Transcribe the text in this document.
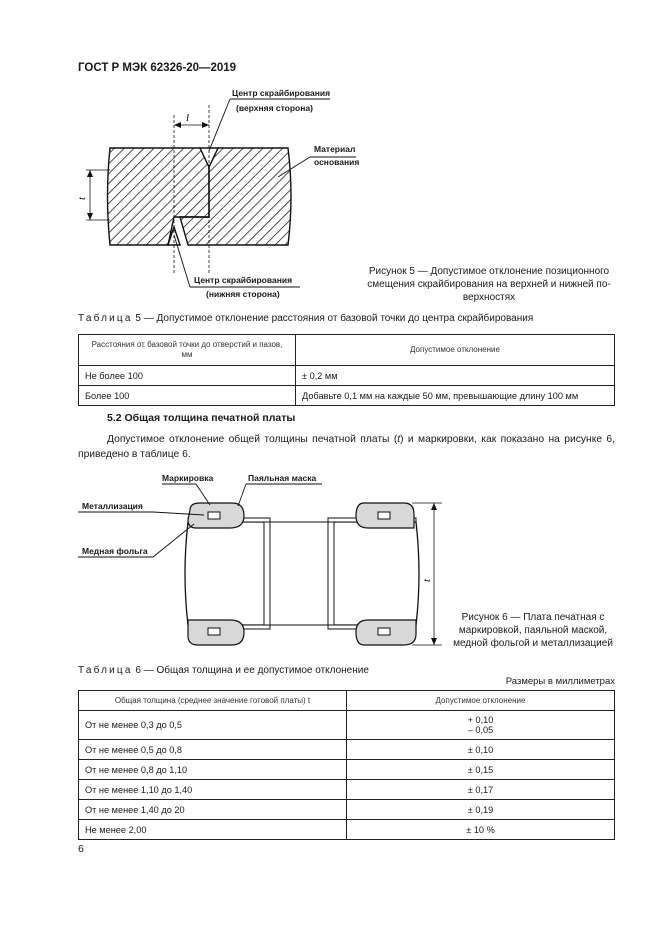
ГОСТ Р МЭК 62326-20—2019
Центр скрайбирования
(верхняя сторона)
Материал
основания
Центр скрайбирования
(нижняя сторона)
l
t
Рисунок 5 — Допустимое отклонение позиционного
смещения скрайбирования на верхней и нижней по-
верхностях
Таблица 5 — Допустимое отклонение расстояния от базовой точки до центра скрайбирования
Расстояния от базовой точки до отверстий и пазов, мм	Допустимое отклонение
Не более 100	± 0,2 мм
Более 100	Добавьте 0,1 мм на каждые 50 мм, превышающие длину 100 мм
5.2 Общая толщина печатной платы
Допустимое отклонение общей толщины печатной платы (t) и маркировки, как показано на рисунке 6, приведено в таблице 6.
t
Маркировка	Паяльная маска
Металлизация
Медная фольга
Рисунок 6 — Плата печатная с
маркировкой, паяльной маской,
медной фольгой и металлизацией
Таблица 6 — Общая толщина и ее допустимое отклонение
Размеры в миллиметрах
Общая толщина (среднее значение готовой платы) t	Допустимое отклонение
От не менее 0,3 до 0,5	+ 0,10
– 0,05

От не менее 0,5 до 0,8	± 0,10
От не менее 0,8 до 1,10	± 0,15
От не менее 1,10 до 1,40	± 0,17
От не менее 1,40 до 20	± 0,19
Не менее 2,00	± 10 %
6
